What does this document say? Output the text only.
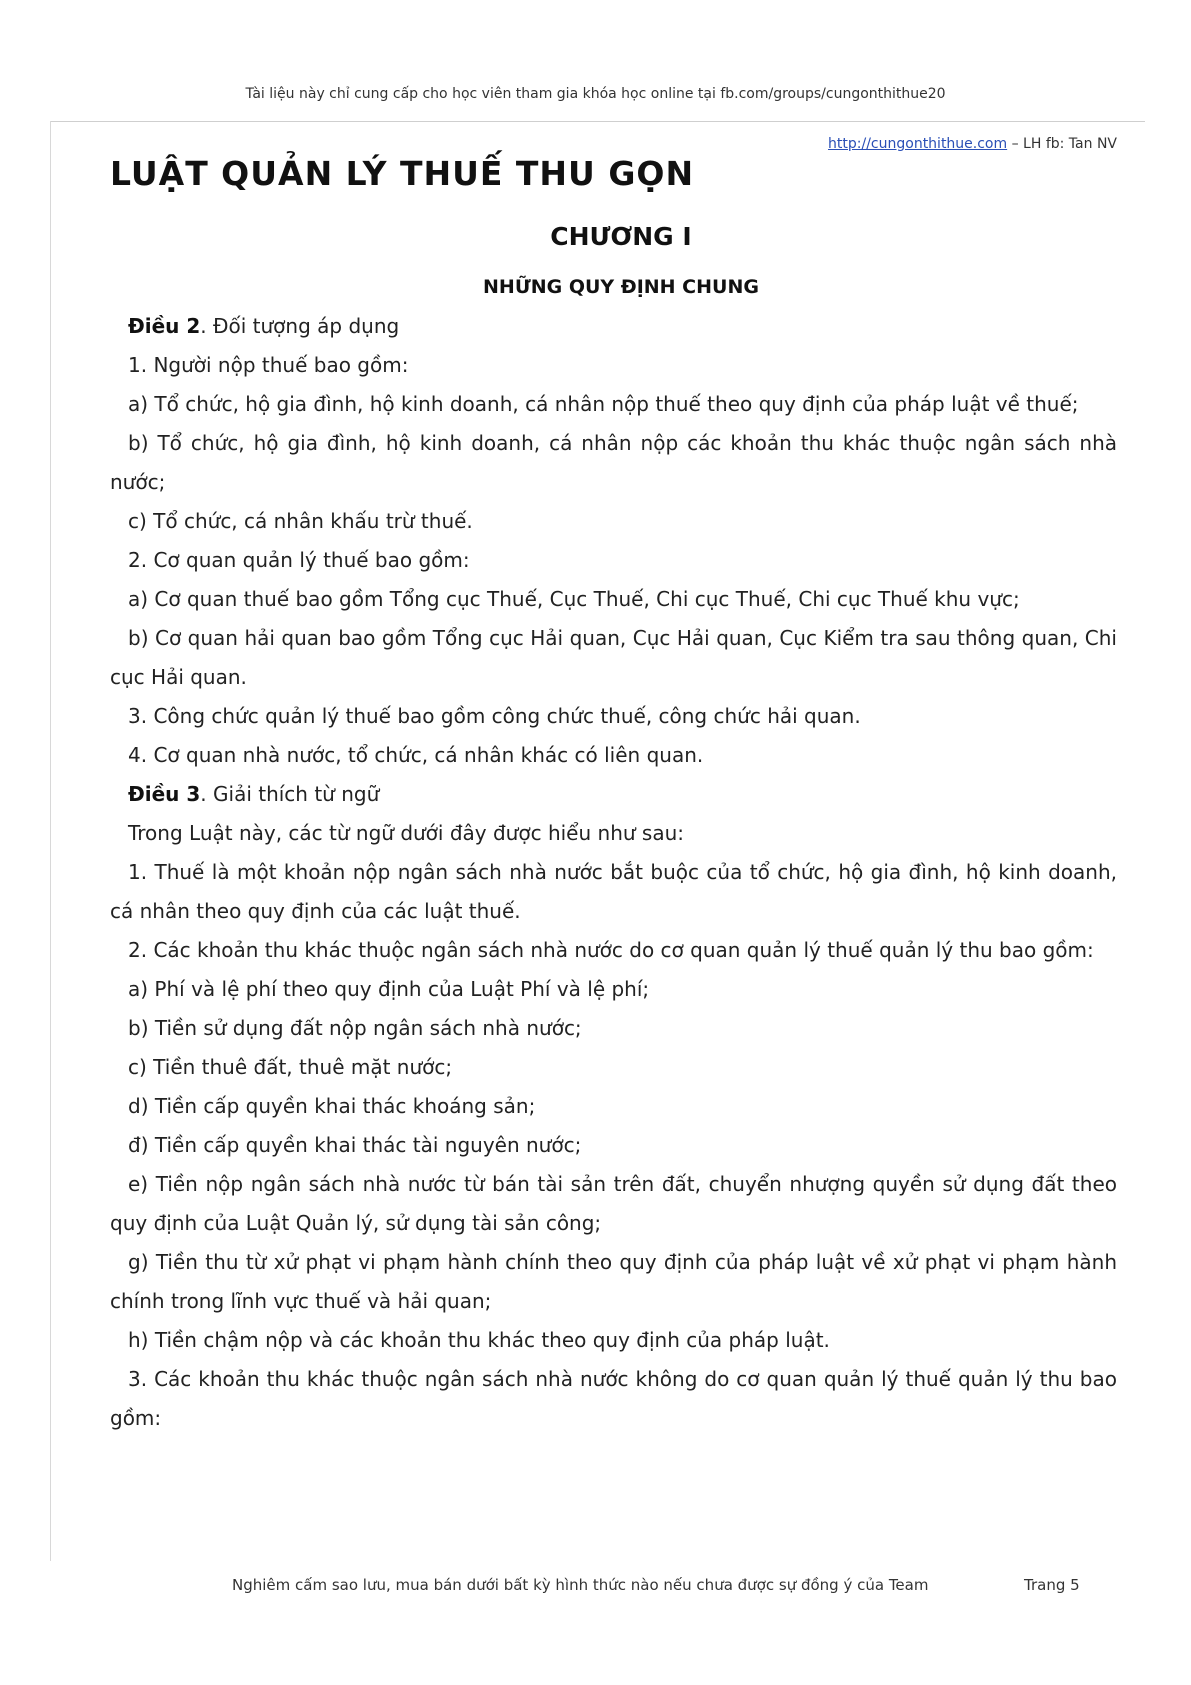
Tài liệu này chỉ cung cấp cho học viên tham gia khóa học online tại fb.com/groups/cungonthithue20
http://cungonthithue.com – LH fb: Tan NV
LUẬT QUẢN LÝ THUẾ THU GỌN
CHƯƠNG I
NHỮNG QUY ĐỊNH CHUNG

Điều 2. Đối tượng áp dụng

1. Người nộp thuế bao gồm:

a) Tổ chức, hộ gia đình, hộ kinh doanh, cá nhân nộp thuế theo quy định của pháp luật về thuế;

b) Tổ chức, hộ gia đình, hộ kinh doanh, cá nhân nộp các khoản thu khác thuộc ngân sách nhà nước;

c) Tổ chức, cá nhân khấu trừ thuế.

2. Cơ quan quản lý thuế bao gồm:

a) Cơ quan thuế bao gồm Tổng cục Thuế, Cục Thuế, Chi cục Thuế, Chi cục Thuế khu vực;

b) Cơ quan hải quan bao gồm Tổng cục Hải quan, Cục Hải quan, Cục Kiểm tra sau thông quan, Chi cục Hải quan.

3. Công chức quản lý thuế bao gồm công chức thuế, công chức hải quan.

4. Cơ quan nhà nước, tổ chức, cá nhân khác có liên quan.

Điều 3. Giải thích từ ngữ

Trong Luật này, các từ ngữ dưới đây được hiểu như sau:

1. Thuế là một khoản nộp ngân sách nhà nước bắt buộc của tổ chức, hộ gia đình, hộ kinh doanh, cá nhân theo quy định của các luật thuế.

2. Các khoản thu khác thuộc ngân sách nhà nước do cơ quan quản lý thuế quản lý thu bao gồm:

a) Phí và lệ phí theo quy định của Luật Phí và lệ phí;

b) Tiền sử dụng đất nộp ngân sách nhà nước;

c) Tiền thuê đất, thuê mặt nước;

d) Tiền cấp quyền khai thác khoáng sản;

đ) Tiền cấp quyền khai thác tài nguyên nước;

e) Tiền nộp ngân sách nhà nước từ bán tài sản trên đất, chuyển nhượng quyền sử dụng đất theo quy định của Luật Quản lý, sử dụng tài sản công;

g) Tiền thu từ xử phạt vi phạm hành chính theo quy định của pháp luật về xử phạt vi phạm hành chính trong lĩnh vực thuế và hải quan;

h) Tiền chậm nộp và các khoản thu khác theo quy định của pháp luật.

3. Các khoản thu khác thuộc ngân sách nhà nước không do cơ quan quản lý thuế quản lý thu bao gồm:

Nghiêm cấm sao lưu, mua bán dưới bất kỳ hình thức nào nếu chưa được sự đồng ý của Team	Trang 5
